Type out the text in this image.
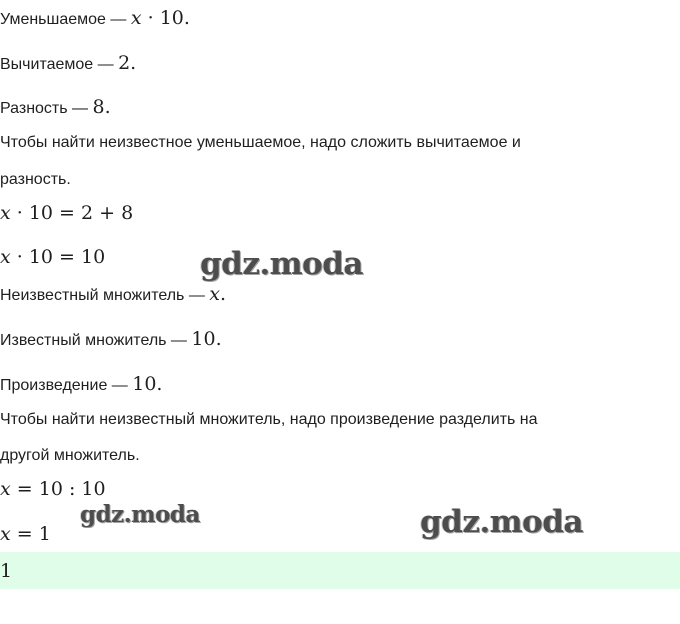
Уменьшаемое — x · 10.
Вычитаемое — 2.
Разность — 8.
Чтобы найти неизвестное уменьшаемое, надо сложить вычитаемое и
разность.
x · 10 = 2 + 8
x · 10 = 10
Неизвестный множитель — x.
Известный множитель — 10.
Произведение — 10.
Чтобы найти неизвестный множитель, надо произведение разделить на
другой множитель.
x = 10 : 10
x = 1
1
gdz.moda
gdz.moda	gdz.moda
